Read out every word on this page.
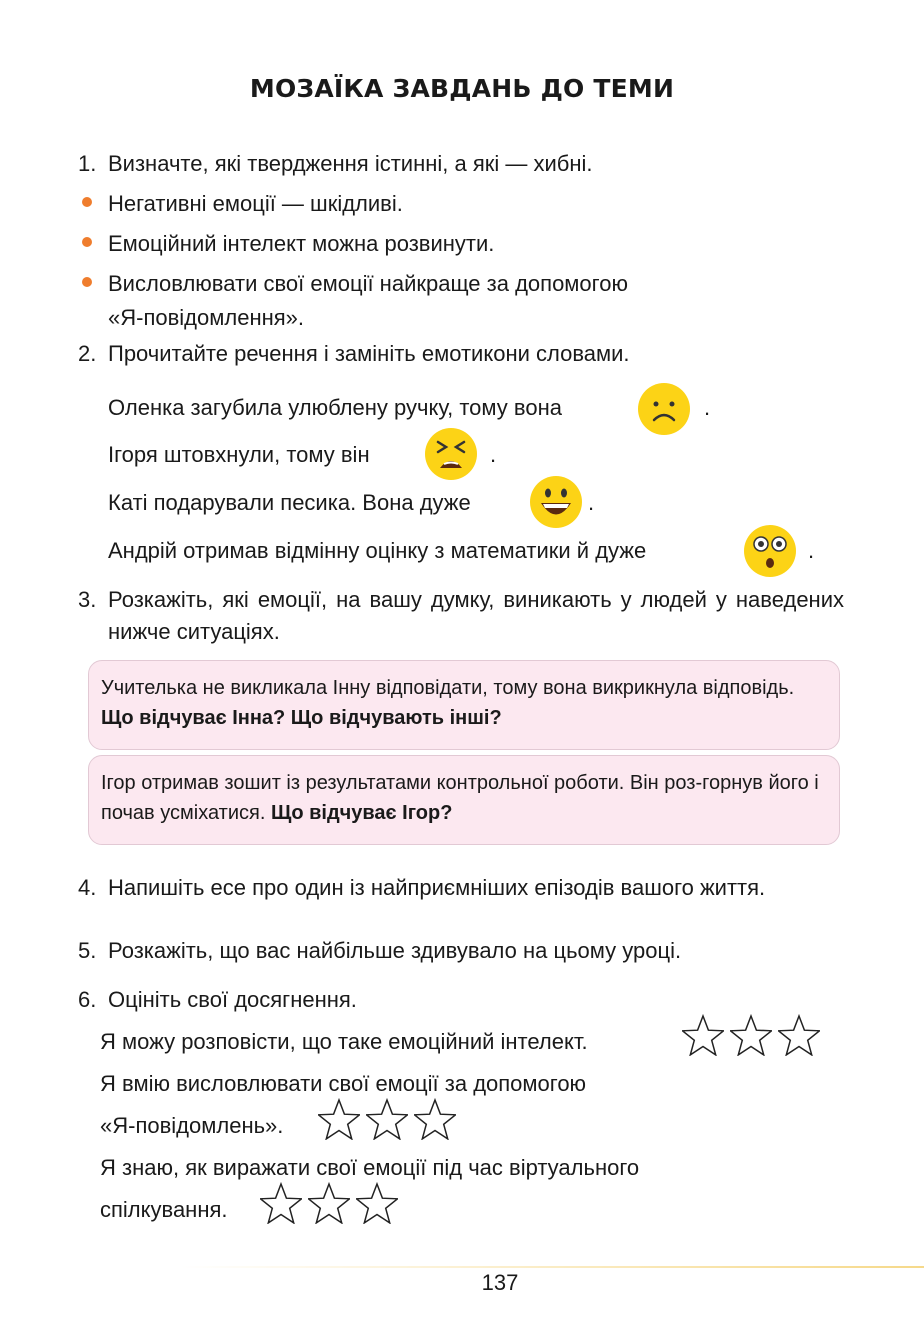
МОЗАЇКА ЗАВДАНЬ ДО ТЕМИ
1. Визначте, які твердження істинні, а які — хибні.
Негативні емоції — шкідливі.
Емоційний інтелект можна розвинути.
Висловлювати свої емоції найкраще за допомогою
«Я-повідомлення».
2. Прочитайте речення і замініть емотикони словами.
Оленка загубила улюблену ручку, тому вона	.
Ігоря штовхнули, тому він	.
Каті подарували песика. Вона дуже	.
Андрій отримав відмінну оцінку з математики й дуже	.
3. Розкажіть, які емоції, на вашу думку, виникають у людей у наведених нижче ситуаціях.
Учителька не викликала Інну відповідати, тому вона викрикнула відповідь. Що відчуває Інна? Що відчувають інші?
Ігор отримав зошит із результатами контрольної роботи. Він роз-горнув його і почав усміхатися. Що відчуває Ігор?
4. Напишіть есе про один із найприємніших епізодів вашого життя.
5. Розкажіть, що вас найбільше здивувало на цьому уроці.
6. Оцініть свої досягнення.
Я можу розповісти, що таке емоційний інтелект.
Я вмію висловлювати свої емоції за допомогою
«Я-повідомлень».
Я знаю, як виражати свої емоції під час віртуального
спілкування.
137
